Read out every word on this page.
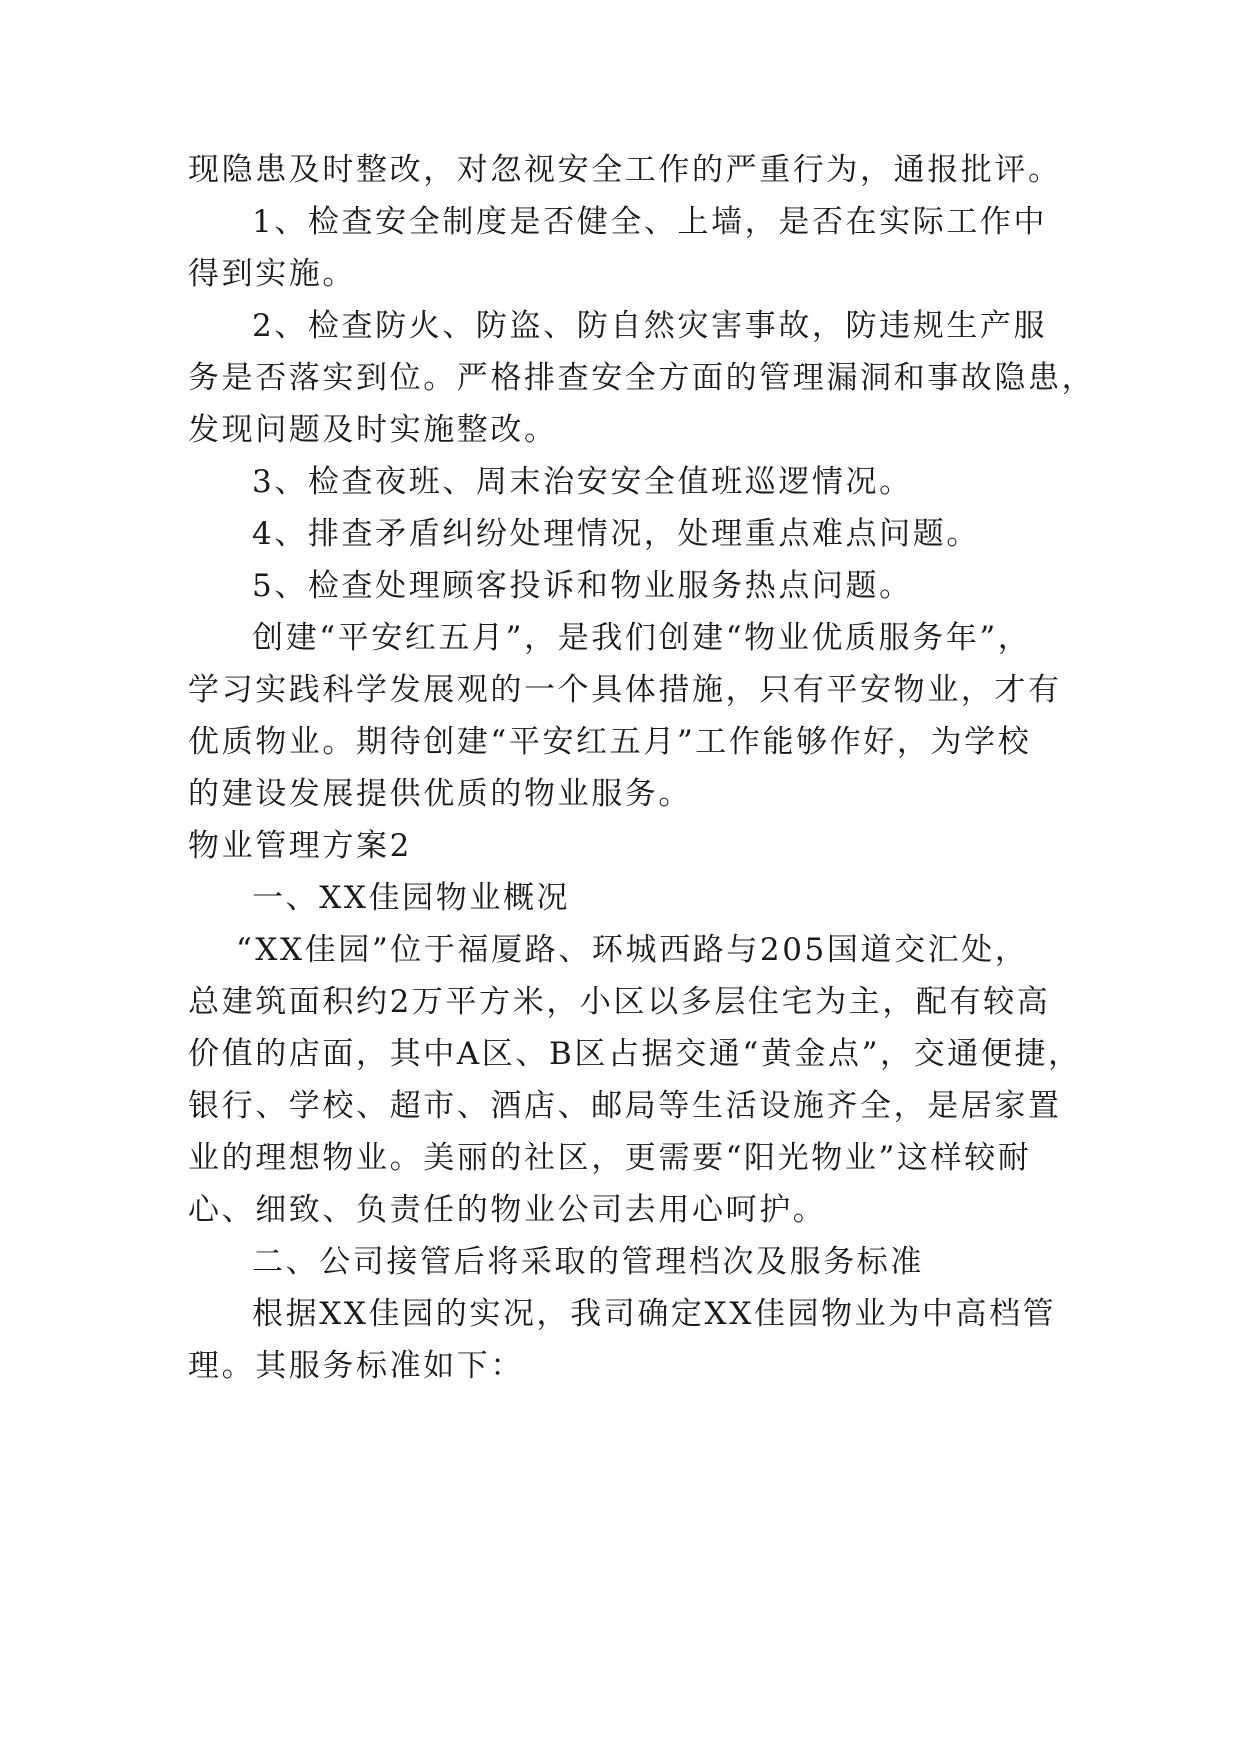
现隐患及时整改，对忽视安全工作的严重行为，通报批评。
1、检查安全制度是否健全、上墙，是否在实际工作中
得到实施。
2、检查防火、防盗、防自然灾害事故，防违规生产服
务是否落实到位。严格排查安全方面的管理漏洞和事故隐患，
发现问题及时实施整改。
3、检查夜班、周末治安安全值班巡逻情况。
4、排查矛盾纠纷处理情况，处理重点难点问题。
5、检查处理顾客投诉和物业服务热点问题。
创建“平安红五月”，是我们创建“物业优质服务年”，
学习实践科学发展观的一个具体措施，只有平安物业，才有
优质物业。期待创建“平安红五月”工作能够作好，为学校
的建设发展提供优质的物业服务。
物业管理方案2
一、XX佳园物业概况
“XX佳园”位于福厦路、环城西路与205国道交汇处，
总建筑面积约2万平方米，小区以多层住宅为主，配有较高
价值的店面，其中A区、B区占据交通“黄金点”，交通便捷，
银行、学校、超市、酒店、邮局等生活设施齐全，是居家置
业的理想物业。美丽的社区，更需要“阳光物业”这样较耐
心、细致、负责任的物业公司去用心呵护。
二、公司接管后将采取的管理档次及服务标准
根据XX佳园的实况，我司确定XX佳园物业为中高档管
理。其服务标准如下：
